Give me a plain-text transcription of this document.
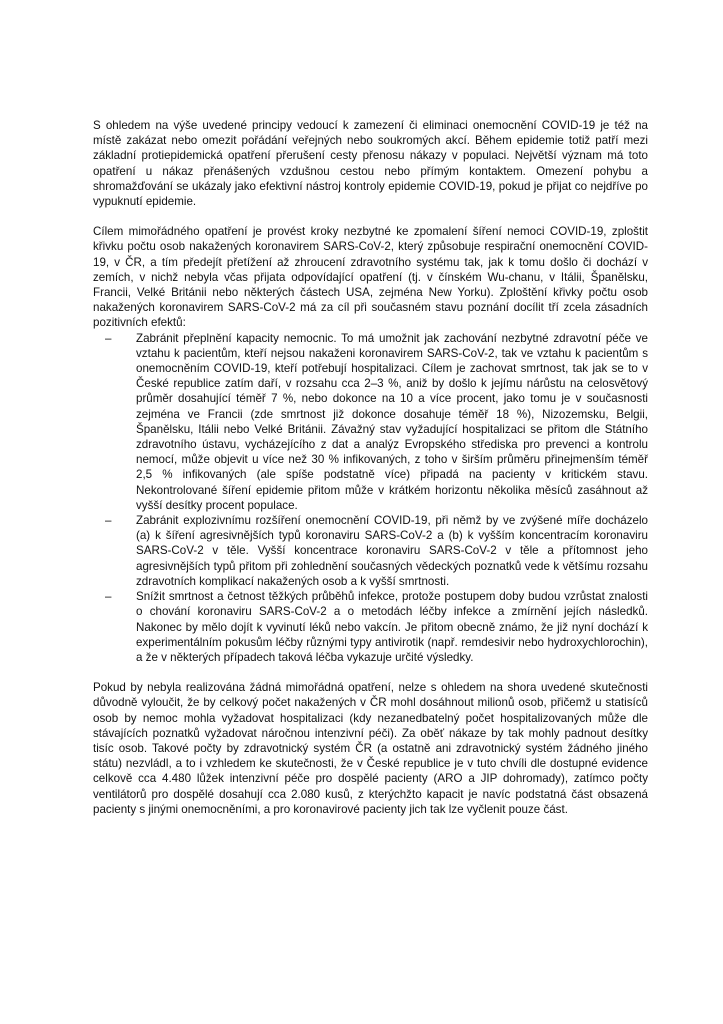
S ohledem na výše uvedené principy vedoucí k zamezení či eliminaci onemocnění COVID-19 je též na místě zakázat nebo omezit pořádání veřejných nebo soukromých akcí. Během epidemie totiž patří mezi základní protiepidemická opatření přerušení cesty přenosu nákazy v populaci. Největší význam má toto opatření u nákaz přenášených vzdušnou cestou nebo přímým kontaktem. Omezení pohybu a shromažďování se ukázaly jako efektivní nástroj kontroly epidemie COVID-19, pokud je přijat co nejdříve po vypuknutí epidemie.

Cílem mimořádného opatření je provést kroky nezbytné ke zpomalení šíření nemoci COVID-19, zploštit křivku počtu osob nakažených koronavirem SARS-CoV-2, který způsobuje respirační onemocnění COVID-19, v ČR, a tím předejít přetížení až zhroucení zdravotního systému tak, jak k tomu došlo či dochází v zemích, v nichž nebyla včas přijata odpovídající opatření (tj. v čínském Wu-chanu, v Itálii, Španělsku, Francii, Velké Británii nebo některých částech USA, zejména New Yorku). Zploštění křivky počtu osob nakažených koronavirem SARS-CoV-2 má za cíl při současném stavu poznání docílit tří zcela zásadních pozitivních efektů:

– Zabránit přeplnění kapacity nemocnic. To má umožnit jak zachování nezbytné zdravotní péče ve vztahu k pacientům, kteří nejsou nakaženi koronavirem SARS-CoV-2, tak ve vztahu k pacientům s onemocněním COVID-19, kteří potřebují hospitalizaci. Cílem je zachovat smrtnost, tak jak se to v České republice zatím daří, v rozsahu cca 2–3 %, aniž by došlo k jejímu nárůstu na celosvětový průměr dosahující téměř 7 %, nebo dokonce na 10 a více procent, jako tomu je v současnosti zejména ve Francii (zde smrtnost již dokonce dosahuje téměř 18 %), Nizozemsku, Belgii, Španělsku, Itálii nebo Velké Británii. Závažný stav vyžadující hospitalizaci se přitom dle Státního zdravotního ústavu, vycházejícího z dat a analýz Evropského střediska pro prevenci a kontrolu nemocí, může objevit u více než 30 % infikovaných, z toho v širším průměru přinejmenším téměř 2,5 % infikovaných (ale spíše podstatně více) připadá na pacienty v kritickém stavu. Nekontrolované šíření epidemie přitom může v krátkém horizontu několika měsíců zasáhnout až vyšší desítky procent populace.
– Zabránit explozivnímu rozšíření onemocnění COVID-19, při němž by ve zvýšené míře docházelo (a) k šíření agresivnějších typů koronaviru SARS-CoV-2 a (b) k vyšším koncentracím koronaviru SARS-CoV-2 v těle. Vyšší koncentrace koronaviru SARS-CoV-2 v těle a přítomnost jeho agresivnějších typů přitom při zohlednění současných vědeckých poznatků vede k většímu rozsahu zdravotních komplikací nakažených osob a k vyšší smrtnosti.
– Snížit smrtnost a četnost těžkých průběhů infekce, protože postupem doby budou vzrůstat znalosti o chování koronaviru SARS-CoV-2 a o metodách léčby infekce a zmírnění jejích následků. Nakonec by mělo dojít k vyvinutí léků nebo vakcín. Je přitom obecně známo, že již nyní dochází k experimentálním pokusům léčby různými typy antivirotik (např. remdesivir nebo hydroxychlorochin), a že v některých případech taková léčba vykazuje určité výsledky.

Pokud by nebyla realizována žádná mimořádná opatření, nelze s ohledem na shora uvedené skutečnosti důvodně vyloučit, že by celkový počet nakažených v ČR mohl dosáhnout milionů osob, přičemž u statisíců osob by nemoc mohla vyžadovat hospitalizaci (kdy nezanedbatelný počet hospitalizovaných může dle stávajících poznatků vyžadovat náročnou intenzivní péči). Za oběť nákaze by tak mohly padnout desítky tisíc osob. Takové počty by zdravotnický systém ČR (a ostatně ani zdravotnický systém žádného jiného státu) nezvládl, a to i vzhledem ke skutečnosti, že v České republice je v tuto chvíli dle dostupné evidence celkově cca 4.480 lůžek intenzivní péče pro dospělé pacienty (ARO a JIP dohromady), zatímco počty ventilátorů pro dospělé dosahují cca 2.080 kusů, z kterýchžto kapacit je navíc podstatná část obsazená pacienty s jinými onemocněními, a pro koronavirové pacienty jich tak lze vyčlenit pouze část.
